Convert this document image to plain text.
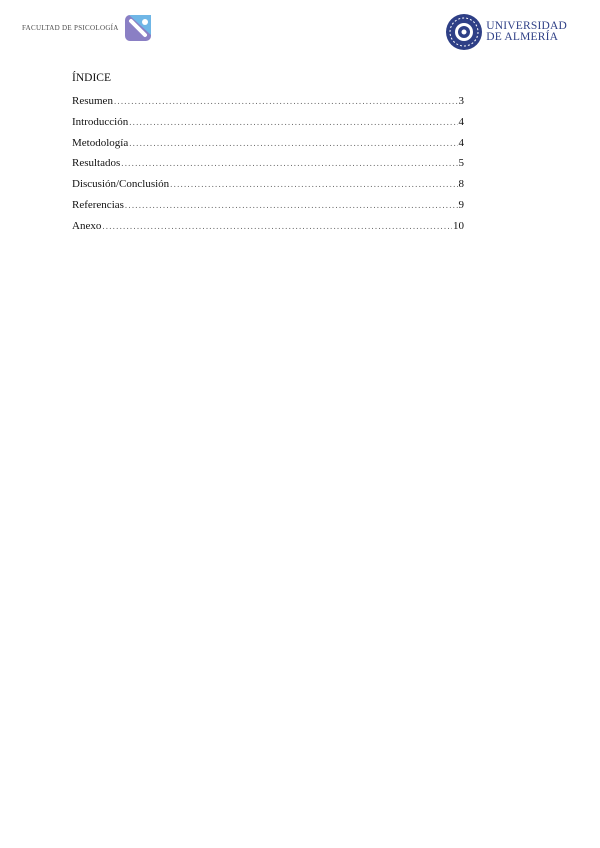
FACULTAD DE PSICOLOGÍA	UNIVERSIDAD
DE ALMERÍA
ÍNDICE
Resumen .....	3
Introducción .....	4
Metodología .....	4
Resultados .....	5
Discusión/Conclusión .....	8
Referencias .....	9
Anexo .....	10
